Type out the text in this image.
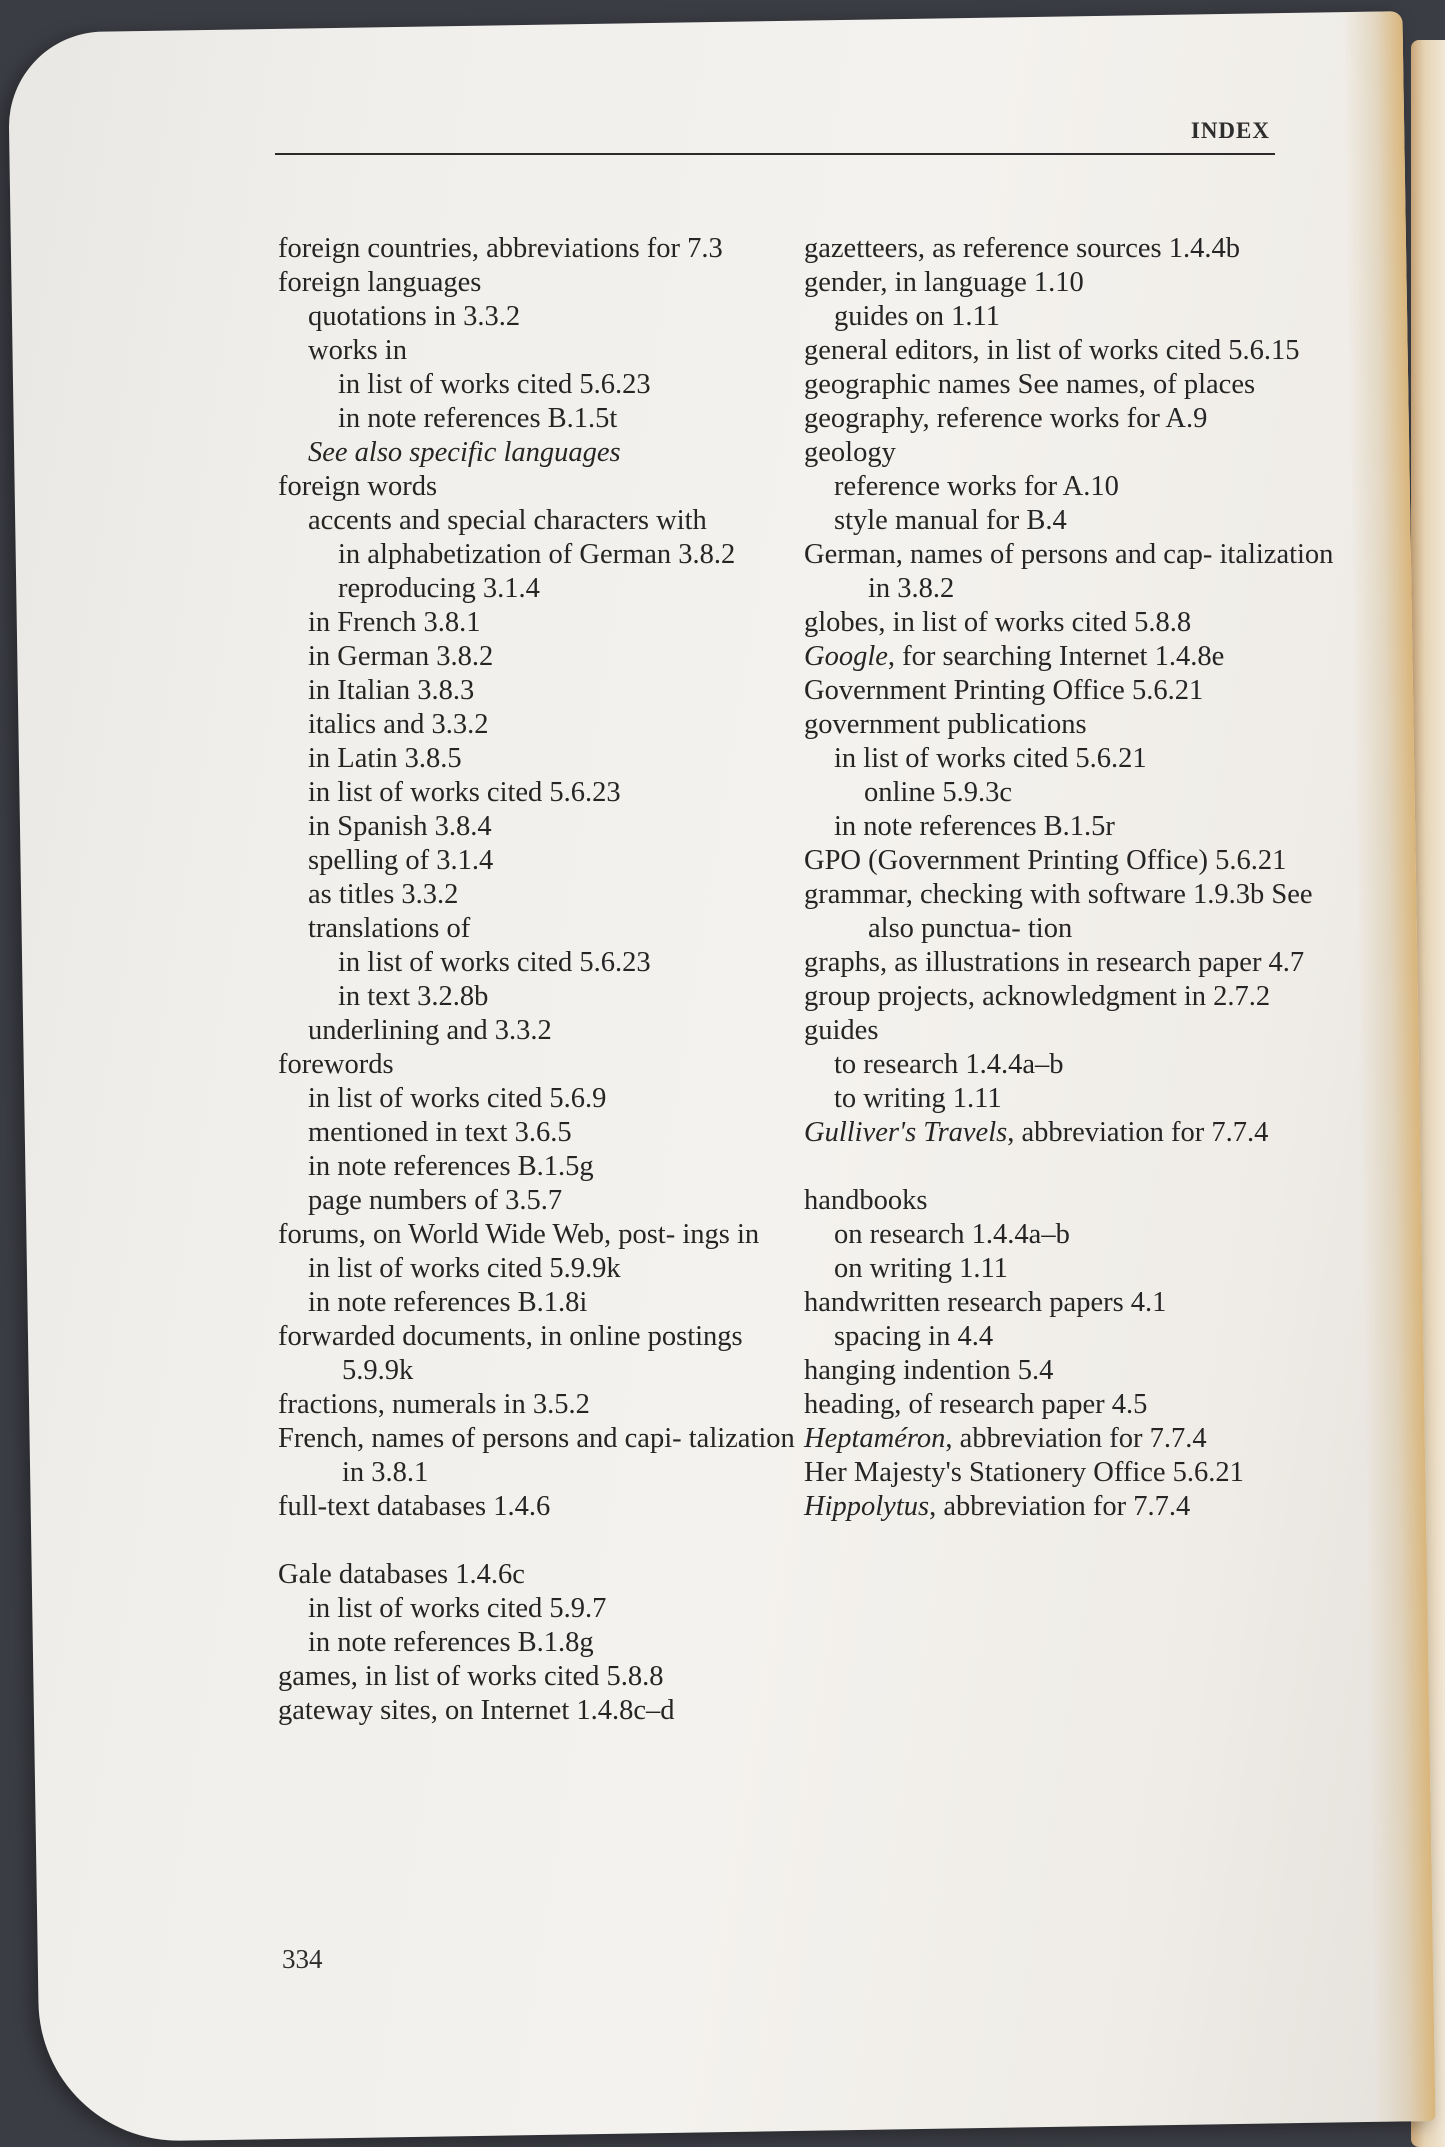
INDEX

foreign countries, abbreviations for 7.3

foreign languages

quotations in 3.3.2

works in

in list of works cited 5.6.23

in note references B.1.5t

See also specific languages

foreign words

accents and special characters with

in alphabetization of German 3.8.2

reproducing 3.1.4

in French 3.8.1

in German 3.8.2

in Italian 3.8.3

italics and 3.3.2

in Latin 3.8.5

in list of works cited 5.6.23

in Spanish 3.8.4

spelling of 3.1.4

as titles 3.3.2

translations of

in list of works cited 5.6.23

in text 3.2.8b

underlining and 3.3.2

forewords

in list of works cited 5.6.9

mentioned in text 3.6.5

in note references B.1.5g

page numbers of 3.5.7

forums, on World Wide Web, post- ings in

in list of works cited 5.9.9k

in note references B.1.8i

forwarded documents, in online postings 5.9.9k

fractions, numerals in 3.5.2

French, names of persons and capi- talization in 3.8.1

full-text databases 1.4.6

Gale databases 1.4.6c

in list of works cited 5.9.7

in note references B.1.8g

games, in list of works cited 5.8.8

gateway sites, on Internet 1.4.8c–d

gazetteers, as reference sources 1.4.4b

gender, in language 1.10

guides on 1.11

general editors, in list of works cited 5.6.15

geographic names See names, of places

geography, reference works for A.9

geology

reference works for A.10

style manual for B.4

German, names of persons and cap- italization in 3.8.2

globes, in list of works cited 5.8.8

Google, for searching Internet 1.4.8e

Government Printing Office 5.6.21

government publications

in list of works cited 5.6.21

online 5.9.3c

in note references B.1.5r

GPO (Government Printing Office) 5.6.21

grammar, checking with software 1.9.3b See also punctua- tion

graphs, as illustrations in research paper 4.7

group projects, acknowledgment in 2.7.2

guides

to research 1.4.4a–b

to writing 1.11

Gulliver's Travels, abbreviation for 7.7.4

handbooks

on research 1.4.4a–b

on writing 1.11

handwritten research papers 4.1

spacing in 4.4

hanging indention 5.4

heading, of research paper 4.5

Heptaméron, abbreviation for 7.7.4

Her Majesty's Stationery Office 5.6.21

Hippolytus, abbreviation for 7.7.4

334
